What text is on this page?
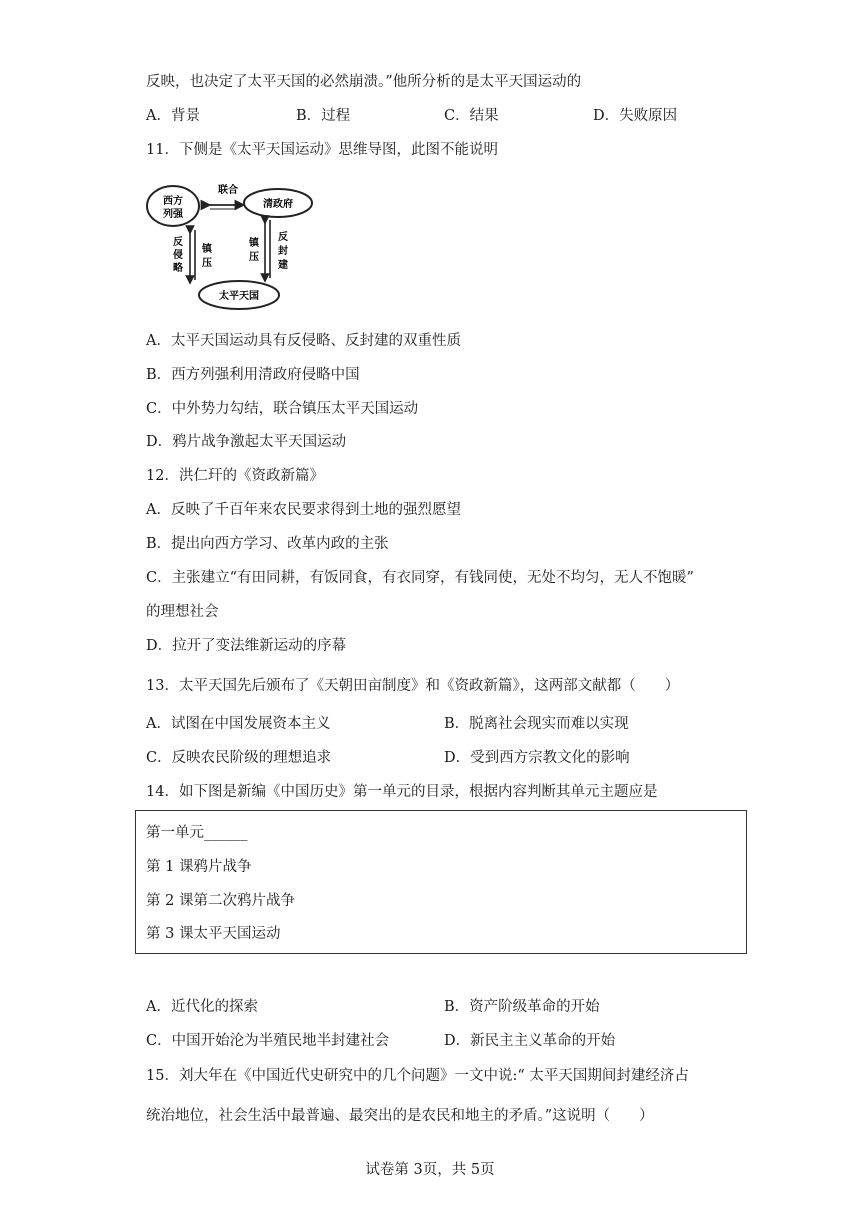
反映，也决定了太平天国的必然崩溃。”他所分析的是太平天国运动的
A．背景	B．过程	C．结果	D．失败原因
11．下侧是《太平天国运动》思维导图，此图不能说明
西方
列强
清政府
联合
反
侵
略
镇
压
镇
压
反
封
建
太平天国
A．太平天国运动具有反侵略、反封建的双重性质
B．西方列强利用清政府侵略中国
C．中外势力勾结，联合镇压太平天国运动
D．鸦片战争激起太平天国运动
12．洪仁玕的《资政新篇》
A．反映了千百年来农民要求得到土地的强烈愿望
B．提出向西方学习、改革内政的主张
C．主张建立“有田同耕，有饭同食，有衣同穿，有钱同使，无处不均匀，无人不饱暖”
的理想社会
D．拉开了变法维新运动的序幕
13．太平天国先后颁布了《天朝田亩制度》和《资政新篇》，这两部文献都（　　）
A．试图在中国发展资本主义	B．脱离社会现实而难以实现
C．反映农民阶级的理想追求	D．受到西方宗教文化的影响
14．如下图是新编《中国历史》第一单元的目录，根据内容判断其单元主题应是
第一单元______
第 1 课鸦片战争
第 2 课第二次鸦片战争
第 3 课太平天国运动
A．近代化的探索	B．资产阶级革命的开始
C．中国开始沦为半殖民地半封建社会	D．新民主主义革命的开始
15．刘大年在《中国近代史研究中的几个问题》一文中说:“ 太平天国期间封建经济占
统治地位，社会生活中最普遍、最突出的是农民和地主的矛盾。”这说明（　　）
试卷第 3页，共 5页
